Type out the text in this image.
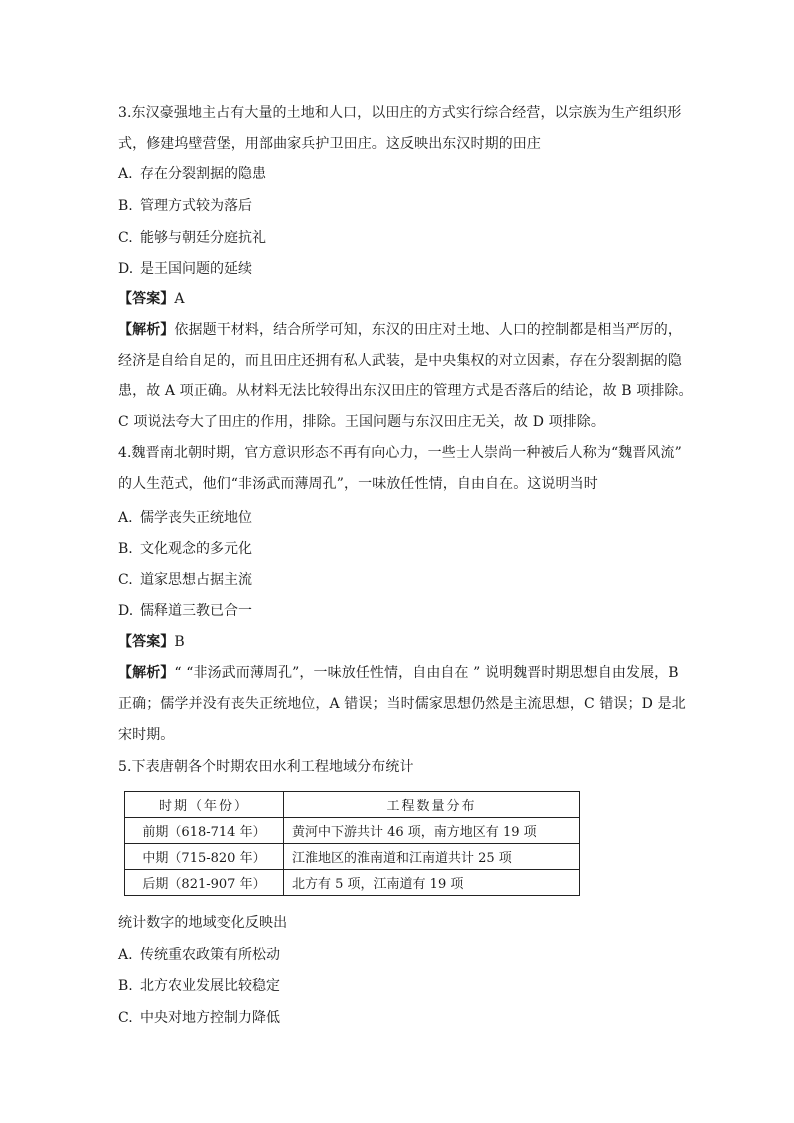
3.东汉豪强地主占有大量的土地和人口，以田庄的方式实行综合经营，以宗族为生产组织形
式，修建坞壁营堡，用部曲家兵护卫田庄。这反映出东汉时期的田庄
A. 存在分裂割据的隐患
B. 管理方式较为落后
C. 能够与朝廷分庭抗礼
D. 是王国问题的延续
【答案】A
【解析】依据题干材料，结合所学可知，东汉的田庄对土地、人口的控制都是相当严厉的，
经济是自给自足的，而且田庄还拥有私人武装，是中央集权的对立因素，存在分裂割据的隐
患，故 A 项正确。从材料无法比较得出东汉田庄的管理方式是否落后的结论，故 B 项排除。
C 项说法夸大了田庄的作用，排除。王国问题与东汉田庄无关，故 D 项排除。
4.魏晋南北朝时期，官方意识形态不再有向心力，一些士人崇尚一种被后人称为“魏晋风流”
的人生范式，他们“非汤武而薄周孔”，一味放任性情，自由自在。这说明当时
A. 儒学丧失正统地位
B. 文化观念的多元化
C. 道家思想占据主流
D. 儒释道三教已合一
【答案】B
【解析】“ “非汤武而薄周孔”，一味放任性情，自由自在 ” 说明魏晋时期思想自由发展，B
正确；儒学并没有丧失正统地位，A 错误；当时儒家思想仍然是主流思想，C 错误；D 是北
宋时期。
5.下表唐朝各个时期农田水利工程地域分布统计
时期（年份）	工程数量分布
前期（618-714 年）	黄河中下游共计 46 项，南方地区有 19 项
中期（715-820 年）	江淮地区的淮南道和江南道共计 25 项
后期（821-907 年）	北方有 5 项，江南道有 19 项
统计数字的地域变化反映出
A. 传统重农政策有所松动
B. 北方农业发展比较稳定
C. 中央对地方控制力降低
